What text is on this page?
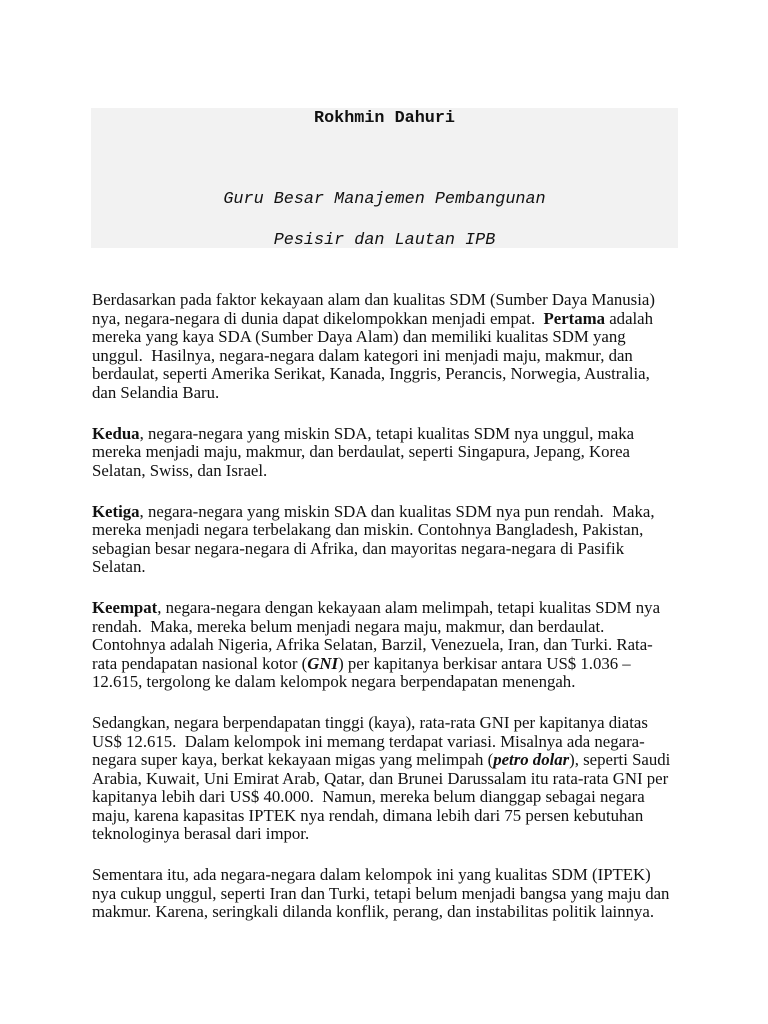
Rokhmin Dahuri
Guru Besar Manajemen Pembangunan
Pesisir dan Lautan IPB
Berdasarkan pada faktor kekayaan alam dan kualitas SDM (Sumber Daya Manusia)
nya, negara-negara di dunia dapat dikelompokkan menjadi empat.  Pertama adalah
mereka yang kaya SDA (Sumber Daya Alam) dan memiliki kualitas SDM yang
unggul.  Hasilnya, negara-negara dalam kategori ini menjadi maju, makmur, dan
berdaulat, seperti Amerika Serikat, Kanada, Inggris, Perancis, Norwegia, Australia,
dan Selandia Baru.
Kedua, negara-negara yang miskin SDA, tetapi kualitas SDM nya unggul, maka
mereka menjadi maju, makmur, dan berdaulat, seperti Singapura, Jepang, Korea
Selatan, Swiss, dan Israel.
Ketiga, negara-negara yang miskin SDA dan kualitas SDM nya pun rendah.  Maka,
mereka menjadi negara terbelakang dan miskin. Contohnya Bangladesh, Pakistan,
sebagian besar negara-negara di Afrika, dan mayoritas negara-negara di Pasifik
Selatan.
Keempat, negara-negara dengan kekayaan alam melimpah, tetapi kualitas SDM nya
rendah.  Maka, mereka belum menjadi negara maju, makmur, dan berdaulat.
Contohnya adalah Nigeria, Afrika Selatan, Barzil, Venezuela, Iran, dan Turki. Rata-
rata pendapatan nasional kotor (GNI) per kapitanya berkisar antara US$ 1.036 –
12.615, tergolong ke dalam kelompok negara berpendapatan menengah.
Sedangkan, negara berpendapatan tinggi (kaya), rata-rata GNI per kapitanya diatas
US$ 12.615.  Dalam kelompok ini memang terdapat variasi. Misalnya ada negara-
negara super kaya, berkat kekayaan migas yang melimpah (petro dolar), seperti Saudi
Arabia, Kuwait, Uni Emirat Arab, Qatar, dan Brunei Darussalam itu rata-rata GNI per
kapitanya lebih dari US$ 40.000.  Namun, mereka belum dianggap sebagai negara
maju, karena kapasitas IPTEK nya rendah, dimana lebih dari 75 persen kebutuhan
teknologinya berasal dari impor.
Sementara itu, ada negara-negara dalam kelompok ini yang kualitas SDM (IPTEK)
nya cukup unggul, seperti Iran dan Turki, tetapi belum menjadi bangsa yang maju dan
makmur. Karena, seringkali dilanda konflik, perang, dan instabilitas politik lainnya.
